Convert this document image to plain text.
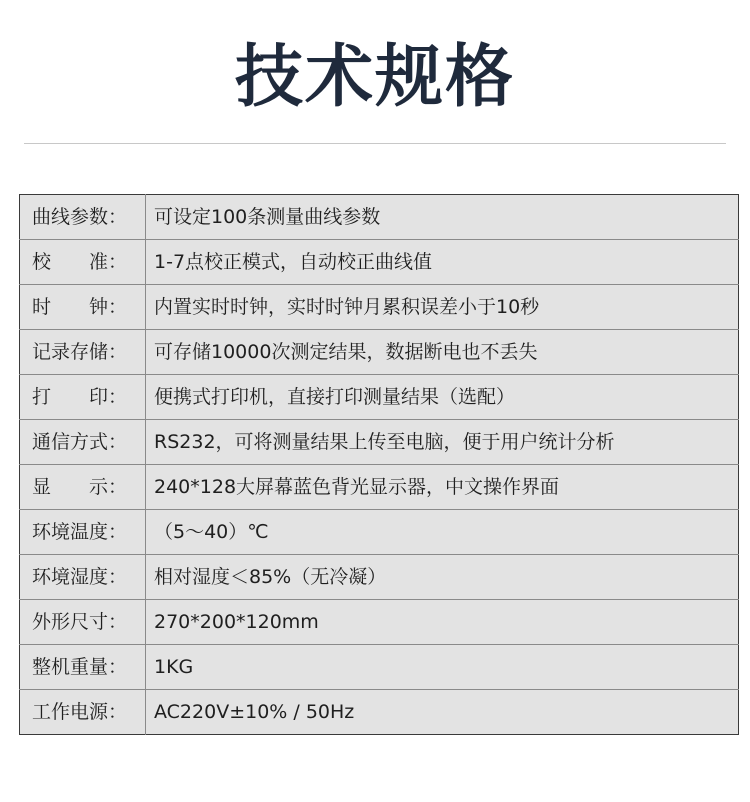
技术规格
曲线参数：	可设定100条测量曲线参数
校　　准：	1-7点校正模式，自动校正曲线值
时　　钟：	内置实时时钟，实时时钟月累积误差小于10秒
记录存储：	可存储10000次测定结果，数据断电也不丢失
打　　印：	便携式打印机，直接打印测量结果（选配）
通信方式：	RS232，可将测量结果上传至电脑，便于用户统计分析
显　　示：	240*128大屏幕蓝色背光显示器，中文操作界面
环境温度：	（5～40）℃
环境湿度：	相对湿度＜85%（无冷凝）
外形尺寸：	270*200*120mm
整机重量：	1KG
工作电源：	AC220V±10% / 50Hz
